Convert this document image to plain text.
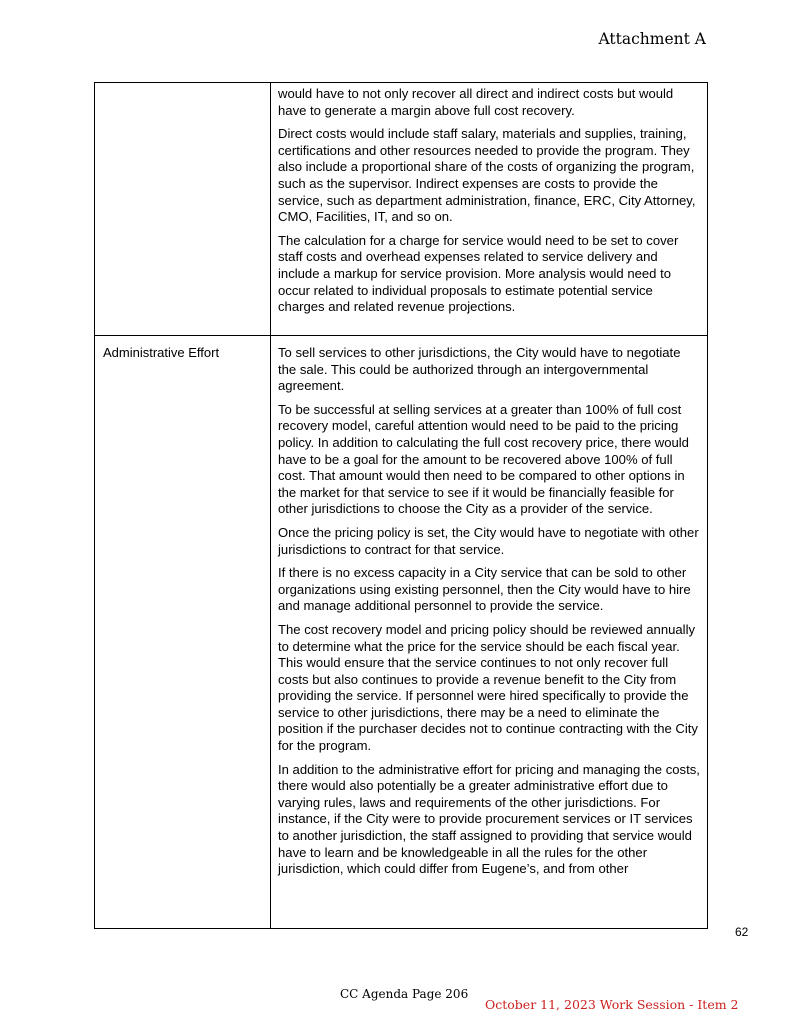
Attachment A

would have to not only recover all direct and indirect costs but would have to generate a margin above full cost recovery.

Direct costs would include staff salary, materials and supplies, training, certifications and other resources needed to provide the program. They also include a proportional share of the costs of organizing the program, such as the supervisor. Indirect expenses are costs to provide the service, such as department administration, finance, ERC, City Attorney, CMO, Facilities, IT, and so on.

The calculation for a charge for service would need to be set to cover staff costs and overhead expenses related to service delivery and include a markup for service provision. More analysis would need to occur related to individual proposals to estimate potential service charges and related revenue projections.

Administrative Effort	To sell services to other jurisdictions, the City would have to negotiate the sale. This could be authorized through an intergovernmental agreement.

To be successful at selling services at a greater than 100% of full cost recovery model, careful attention would need to be paid to the pricing policy. In addition to calculating the full cost recovery price, there would have to be a goal for the amount to be recovered above 100% of full cost. That amount would then need to be compared to other options in the market for that service to see if it would be financially feasible for other jurisdictions to choose the City as a provider of the service.

Once the pricing policy is set, the City would have to negotiate with other jurisdictions to contract for that service.

If there is no excess capacity in a City service that can be sold to other organizations using existing personnel, then the City would have to hire and manage additional personnel to provide the service.

The cost recovery model and pricing policy should be reviewed annually to determine what the price for the service should be each fiscal year. This would ensure that the service continues to not only recover full costs but also continues to provide a revenue benefit to the City from providing the service. If personnel were hired specifically to provide the service to other jurisdictions, there may be a need to eliminate the position if the purchaser decides not to continue contracting with the City for the program.

In addition to the administrative effort for pricing and managing the costs, there would also potentially be a greater administrative effort due to varying rules, laws and requirements of the other jurisdictions. For instance, if the City were to provide procurement services or IT services to another jurisdiction, the staff assigned to providing that service would have to learn and be knowledgeable in all the rules for the other jurisdiction, which could differ from Eugene’s, and from other

62
CC Agenda Page 206
October 11, 2023 Work Session - Item 2
